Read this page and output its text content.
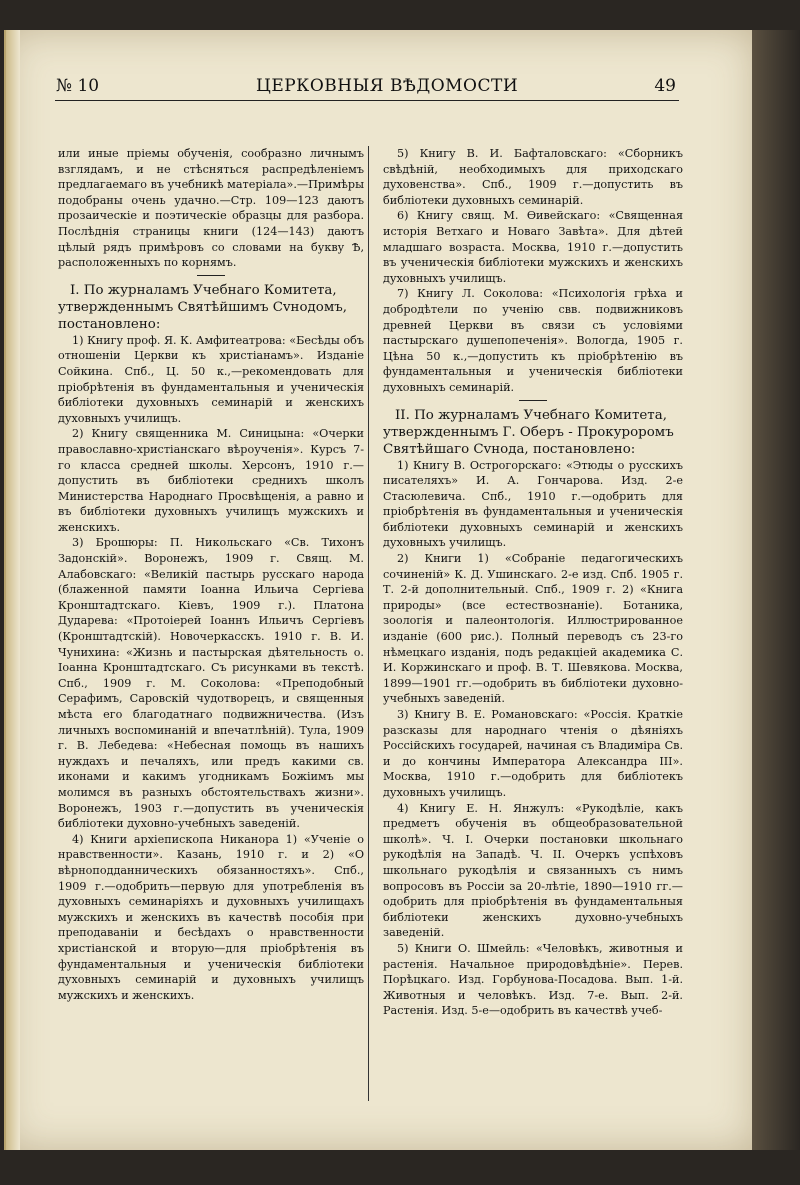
№ 10	ЦЕРКОВНЫЯ ВѢДОМОСТИ	49

или иные пріемы обученія, сообразно личнымъ взглядамъ, и не стѣсняться распредѣленіемъ предлагаемаго въ учебникѣ матеріала».—Примѣры подобраны очень удачно.—Стр. 109—123 даютъ прозаическіе и поэтическіе образцы для разбора. Послѣднія страницы книги (124—143) даютъ цѣлый рядъ примѣровъ со словами на букву Ѣ, расположенныхъ по корнямъ.

I. По журналамъ Учебнаго Комитета, утвержденнымъ Святѣйшимъ Сvнодомъ, постановлено:

1) Книгу проф. Я. К. Амфитеатрова: «Бесѣды объ отношеніи Церкви къ христіанамъ». Изданіе Сойкина. Спб., Ц. 50 к.,—рекомендовать для пріобрѣтенія въ фундаментальныя и ученическія библіотеки духовныхъ семинарій и женскихъ духовныхъ училищъ.

2) Книгу священника М. Синицына: «Очерки православно-христіанскаго вѣроученія». Курсъ 7-го класса средней школы. Херсонъ, 1910 г.—допустить въ библіотеки среднихъ школъ Министерства Народнаго Просвѣщенія, а равно и въ библіотеки духовныхъ училищъ мужскихъ и женскихъ.

3) Брошюры: П. Никольскаго «Св. Тихонъ Задонскій». Воронежъ, 1909 г. Свящ. М. Алабовскаго: «Великій пастырь русскаго народа (блаженной памяти Іоанна Ильича Сергіева Кронштадтскаго. Кіевъ, 1909 г.). Платона Дударева: «Протоіерей Іоаннъ Ильичъ Сергіевъ (Кронштадтскій). Новочеркасскъ. 1910 г. В. И. Чунихина: «Жизнь и пастырская дѣятельность о. Іоанна Кронштадтскаго. Съ рисунками въ текстѣ. Спб., 1909 г. М. Соколова: «Преподобный Серафимъ, Саровскій чудотворецъ, и священныя мѣста его благодатнаго подвижничества. (Изъ личныхъ воспоминаній и впечатлѣній). Тула, 1909 г. В. Лебедева: «Небесная помощь въ нашихъ нуждахъ и печаляхъ, или предъ какими св. иконами и какимъ угодникамъ Божіимъ мы молимся въ разныхъ обстоятельствахъ жизни». Воронежъ, 1903 г.—допустить въ ученическія библіотеки духовно-учебныхъ заведеній.

4) Книги архіепископа Никанора 1) «Ученіе о нравственности». Казань, 1910 г. и 2) «О вѣрноподданническихъ обязанностяхъ». Спб., 1909 г.—одобрить—первую для употребленія въ духовныхъ семинаріяхъ и духовныхъ училищахъ мужскихъ и женскихъ въ качествѣ пособія при преподаваніи и бесѣдахъ о нравственности христіанской и вторую—для пріобрѣтенія въ фундаментальныя и ученическія библіотеки духовныхъ семинарій и духовныхъ училищъ мужскихъ и женскихъ.

5) Книгу В. И. Бафталовскаго: «Сборникъ свѣдѣній, необходимыхъ для приходскаго духовенства». Спб., 1909 г.—допустить въ библіотеки духовныхъ семинарій.

6) Книгу свящ. М. Ѳивейскаго: «Священная исторія Ветхаго и Новаго Завѣта». Для дѣтей младшаго возраста. Москва, 1910 г.—допустить въ ученическія библіотеки мужскихъ и женскихъ духовныхъ училищъ.

7) Книгу Л. Соколова: «Психологія грѣха и добродѣтели по ученію свв. подвижниковъ древней Церкви въ связи съ условіями пастырскаго душепопеченія». Вологда, 1905 г. Цѣна 50 к.,—допустить къ пріобрѣтенію въ фундаментальныя и ученическія библіотеки духовныхъ семинарій.

II. По журналамъ Учебнаго Комитета, утвержденнымъ Г. Оберъ - Прокуроромъ Святѣйшаго Сvнода, постановлено:

1) Книгу В. Острогорскаго: «Этюды о русскихъ писателяхъ» И. А. Гончарова. Изд. 2-е Стасюлевича. Спб., 1910 г.—одобрить для пріобрѣтенія въ фундаментальныя и ученическія библіотеки духовныхъ семинарій и женскихъ духовныхъ училищъ.

2) Книги 1) «Собраніе педагогическихъ сочиненій» К. Д. Ушинскаго. 2-е изд. Спб. 1905 г. Т. 2-й дополнительный. Спб., 1909 г. 2) «Книга природы» (все естествознаніе). Ботаника, зоологія и палеонтологія. Иллюстрированное изданіе (600 рис.). Полный переводъ съ 23-го нѣмецкаго изданія, подъ редакціей академика С. И. Коржинскаго и проф. В. Т. Шевякова. Москва, 1899—1901 гг.—одобрить въ библіотеки духовно-учебныхъ заведеній.

3) Книгу В. Е. Романовскаго: «Россія. Краткіе разсказы для народнаго чтенія о дѣяніяхъ Россійскихъ государей, начиная съ Владиміра Св. и до кончины Императора Александра III». Москва, 1910 г.—одобрить для библіотекъ духовныхъ училищъ.

4) Книгу Е. Н. Янжулъ: «Рукодѣліе, какъ предметъ обученія въ общеобразовательной школѣ». Ч. I. Очерки постановки школьнаго рукодѣлія на Западѣ. Ч. II. Очеркъ успѣховъ школьнаго рукодѣлія и связанныхъ съ нимъ вопросовъ въ Россіи за 20-лѣтіе, 1890—1910 гг.—одобрить для пріобрѣтенія въ фундаментальныя библіотеки женскихъ духовно-учебныхъ заведеній.

5) Книги О. Шмейль: «Человѣкъ, животныя и растенія. Начальное природовѣдѣніе». Перев. Порѣцкаго. Изд. Горбунова-Посадова. Вып. 1-й. Животныя и человѣкъ. Изд. 7-е. Вып. 2-й. Растенія. Изд. 5-е—одобрить въ качествѣ учеб-
